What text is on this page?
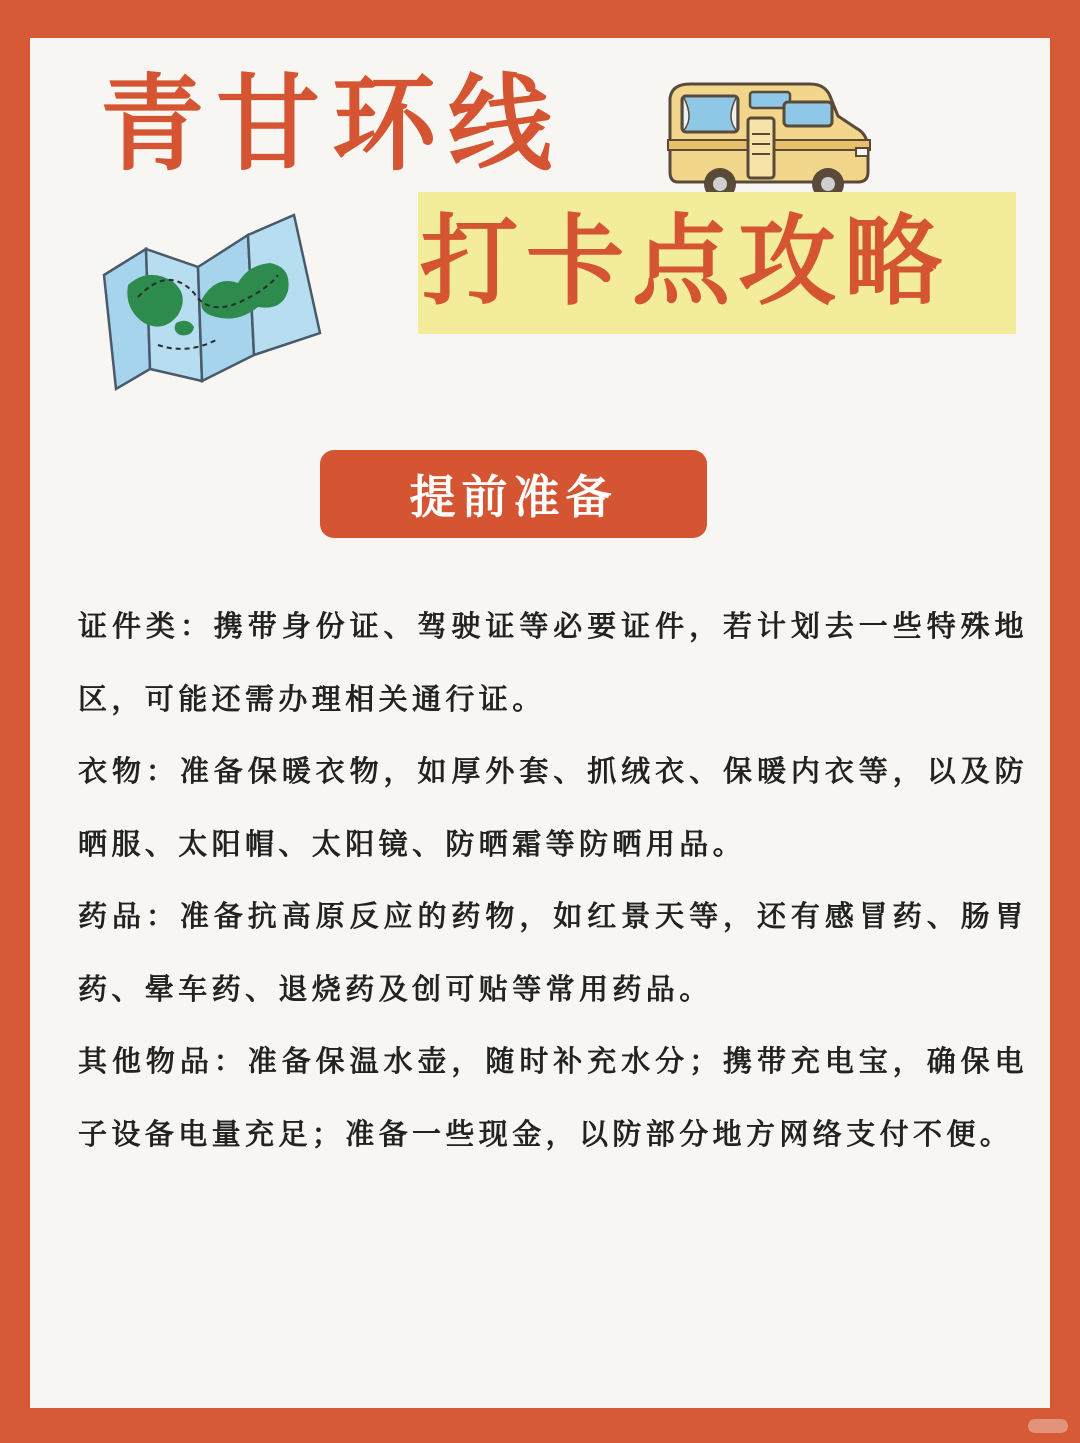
青甘环线
打卡点攻略
提前准备

证件类：携带身份证、驾驶证等必要证件，若计划去一些特殊地区，可能还需办理相关通行证。

衣物：准备保暖衣物，如厚外套、抓绒衣、保暖内衣等，以及防晒服、太阳帽、太阳镜、防晒霜等防晒用品。

药品：准备抗高原反应的药物，如红景天等，还有感冒药、肠胃药、晕车药、退烧药及创可贴等常用药品。

其他物品：准备保温水壶，随时补充水分；携带充电宝，确保电子设备电量充足；准备一些现金，以防部分地方网络支付不便。
